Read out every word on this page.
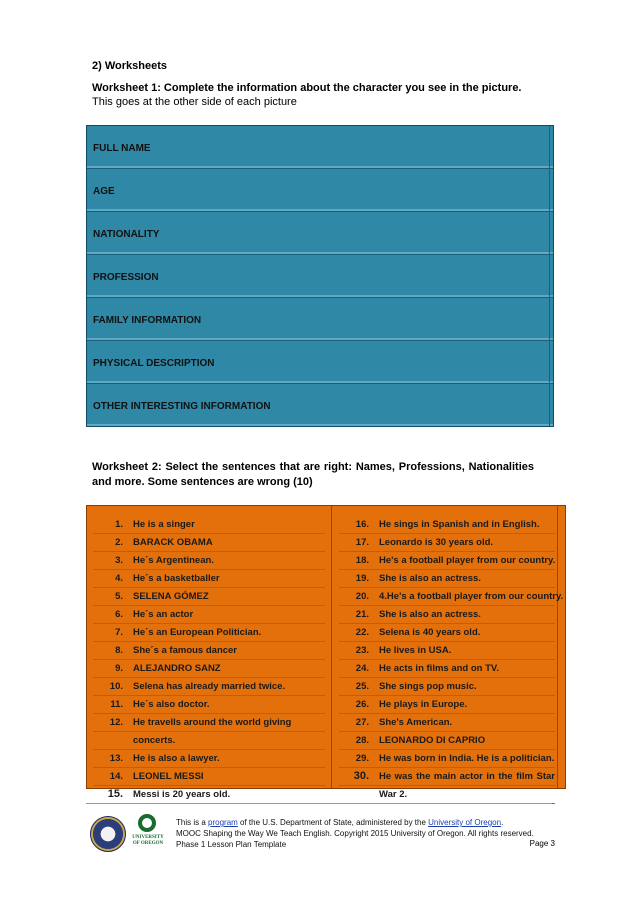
2) Worksheets
Worksheet 1: Complete the information about the character you see in the picture.
This goes at the other side of each picture
FULL NAME
AGE
NATIONALITY
PROFESSION
FAMILY INFORMATION
PHYSICAL DESCRIPTION
OTHER INTERESTING INFORMATION
Worksheet 2: Select the sentences that are right: Names, Professions, Nationalities and more. Some sentences are wrong (10)
1. He is a singer
2. BARACK OBAMA
3. He´s Argentinean.
4. He´s a basketballer
5. SELENA GÓMEZ
6. He´s an actor
7. He´s an European Politician.
8. She´s a famous dancer
9. ALEJANDRO SANZ
10. Selena has already married twice.
11. He´s also doctor.
12. He travells around the world giving
concerts.
13. He is also a lawyer.
14. LEONEL MESSI
15. Messi is 20 years old.
16. He sings in Spanish and in English.
17. Leonardo is 30 years old.
18. He's a football player from our country.
19. She is also an actress.
20. 4.He's a football player from our country.
21. She is also an actress.
22. Selena is 40 years old.
23. He lives in USA.
24. He acts in films and on TV.
25. She sings pop music.
26. He plays in Europe.
27. She's American.
28. LEONARDO DI CAPRIO
29. He was born in India. He is a politician.
30. He was the main actor in the film Star
War 2.
UNIVERSITY OF OREGON
This is a program of the U.S. Department of State, administered by the University of Oregon.
MOOC Shaping the Way We Teach English. Copyright 2015 University of Oregon. All rights reserved.
Phase 1 Lesson Plan Template	Page 3
